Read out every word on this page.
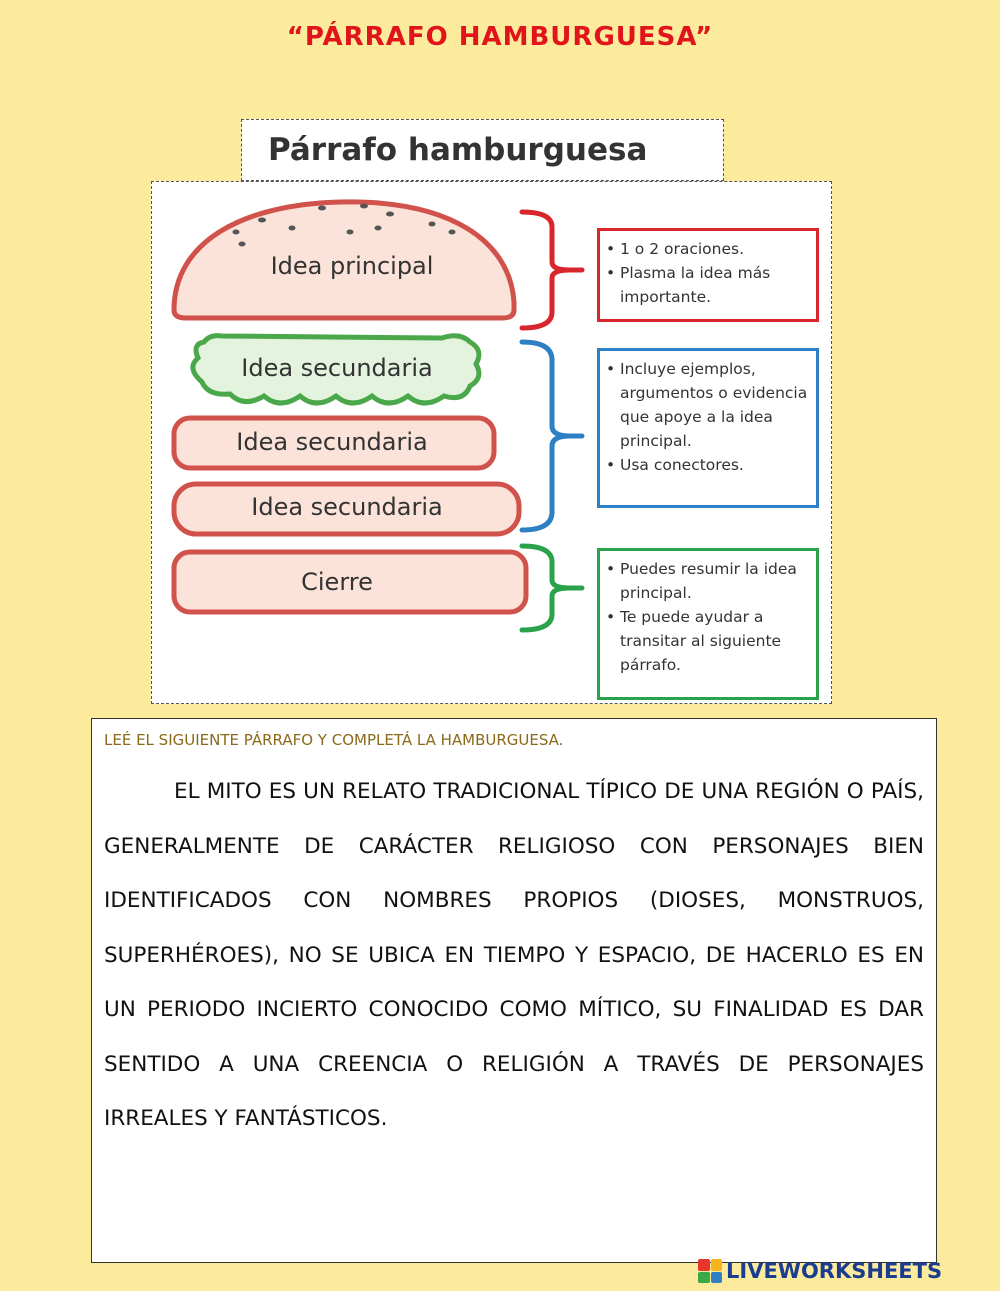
“PÁRRAFO HAMBURGUESA”
Párrafo hamburguesa
Idea principal
Idea secundaria
Idea secundaria
Idea secundaria
Cierre
• 1 o 2 oraciones.
• Plasma la idea más importante.
• Incluye ejemplos, argumentos o evidencia que apoye a la idea principal.
• Usa conectores.
• Puedes resumir la idea principal.
• Te puede ayudar a transitar al siguiente párrafo.
LEÉ EL SIGUIENTE PÁRRAFO Y COMPLETÁ LA HAMBURGUESA.

EL MITO ES UN RELATO TRADICIONAL TÍPICO DE UNA REGIÓN O PAÍS, GENERALMENTE DE CARÁCTER RELIGIOSO CON PERSONAJES BIEN IDENTIFICADOS CON NOMBRES PROPIOS (DIOSES, MONSTRUOS, SUPERHÉROES), NO SE UBICA EN TIEMPO Y ESPACIO, DE HACERLO ES EN UN PERIODO INCIERTO CONOCIDO COMO MÍTICO, SU FINALIDAD ES DAR SENTIDO A UNA CREENCIA O RELIGIÓN A TRAVÉS DE PERSONAJES IRREALES Y FANTÁSTICOS.

LIVEWORKSHEETS
